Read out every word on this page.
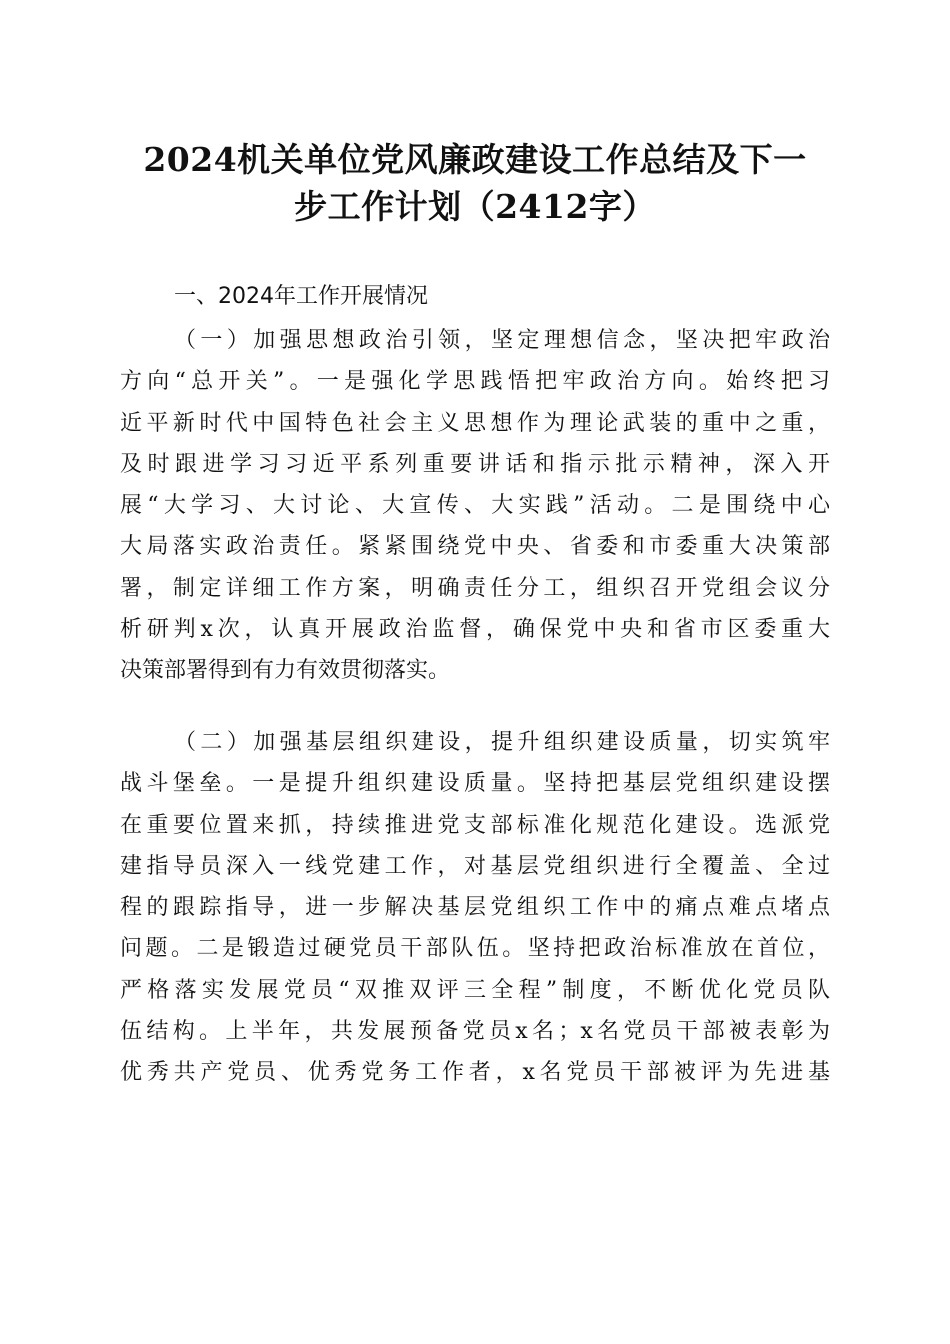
2024机关单位党风廉政建设工作总结及下一
步工作计划（2412字）
一、2024年工作开展情况
（一）加强思想政治引领，坚定理想信念，坚决把牢政治
方向“总开关”。一是强化学思践悟把牢政治方向。始终把习
近平新时代中国特色社会主义思想作为理论武装的重中之重，
及时跟进学习习近平系列重要讲话和指示批示精神，深入开
展“大学习、大讨论、大宣传、大实践”活动。二是围绕中心
大局落实政治责任。紧紧围绕党中央、省委和市委重大决策部
署，制定详细工作方案，明确责任分工，组织召开党组会议分
析研判x次，认真开展政治监督，确保党中央和省市区委重大
决策部署得到有力有效贯彻落实。
（二）加强基层组织建设，提升组织建设质量，切实筑牢
战斗堡垒。一是提升组织建设质量。坚持把基层党组织建设摆
在重要位置来抓，持续推进党支部标准化规范化建设。选派党
建指导员深入一线党建工作，对基层党组织进行全覆盖、全过
程的跟踪指导，进一步解决基层党组织工作中的痛点难点堵点
问题。二是锻造过硬党员干部队伍。坚持把政治标准放在首位，
严格落实发展党员“双推双评三全程”制度，不断优化党员队
伍结构。上半年，共发展预备党员x名；x名党员干部被表彰为
优秀共产党员、优秀党务工作者，x名党员干部被评为先进基
